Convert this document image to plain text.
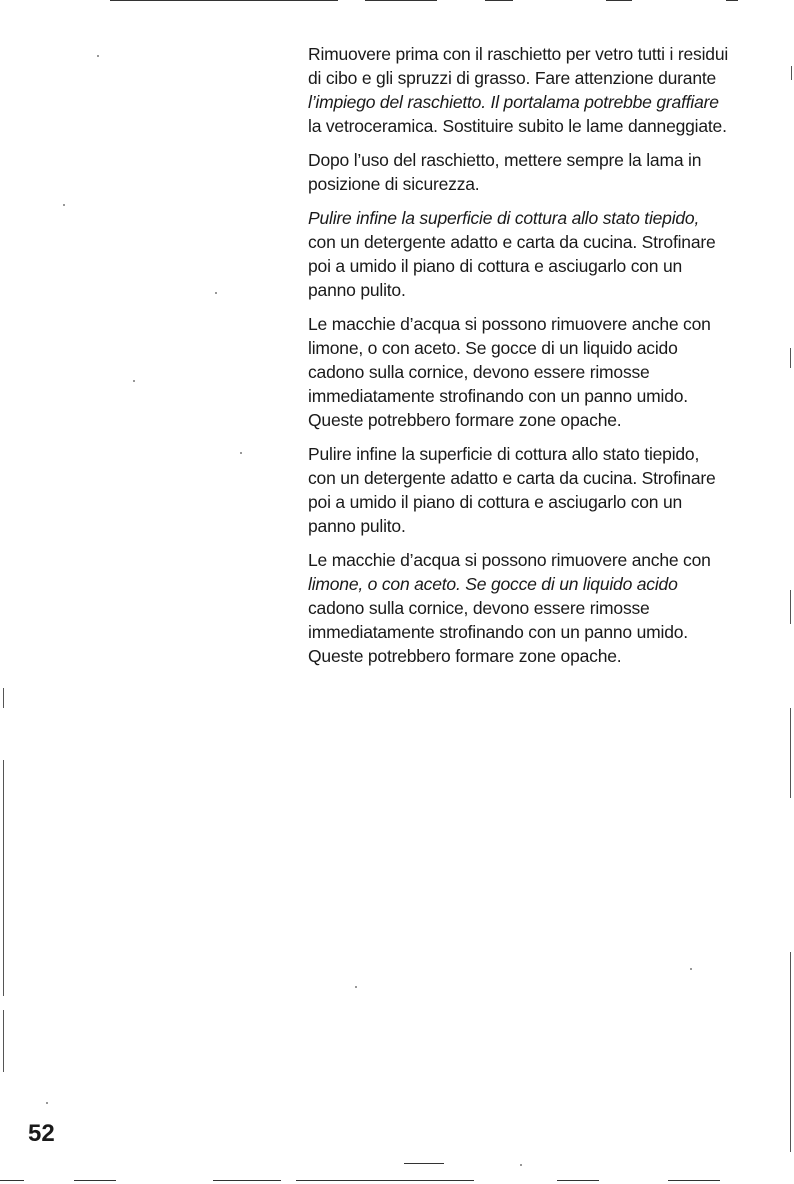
Rimuovere prima con il raschietto per vetro tutti i residui
di cibo e gli spruzzi di grasso. Fare attenzione durante
l’impiego del raschietto. Il portalama potrebbe graffiare
la vetroceramica. Sostituire subito le lame danneggiate.

Dopo l’uso del raschietto, mettere sempre la lama in
posizione di sicurezza.

Pulire infine la superficie di cottura allo stato tiepido,
con un detergente adatto e carta da cucina. Strofinare
poi a umido il piano di cottura e asciugarlo con un
panno pulito.

Le macchie d’acqua si possono rimuovere anche con
limone, o con aceto. Se gocce di un liquido acido
cadono sulla cornice, devono essere rimosse
immediatamente strofinando con un panno umido.
Queste potrebbero formare zone opache.

Pulire infine la superficie di cottura allo stato tiepido,
con un detergente adatto e carta da cucina. Strofinare
poi a umido il piano di cottura e asciugarlo con un
panno pulito.

Le macchie d’acqua si possono rimuovere anche con
limone, o con aceto. Se gocce di un liquido acido
cadono sulla cornice, devono essere rimosse
immediatamente strofinando con un panno umido.
Queste potrebbero formare zone opache.

52
